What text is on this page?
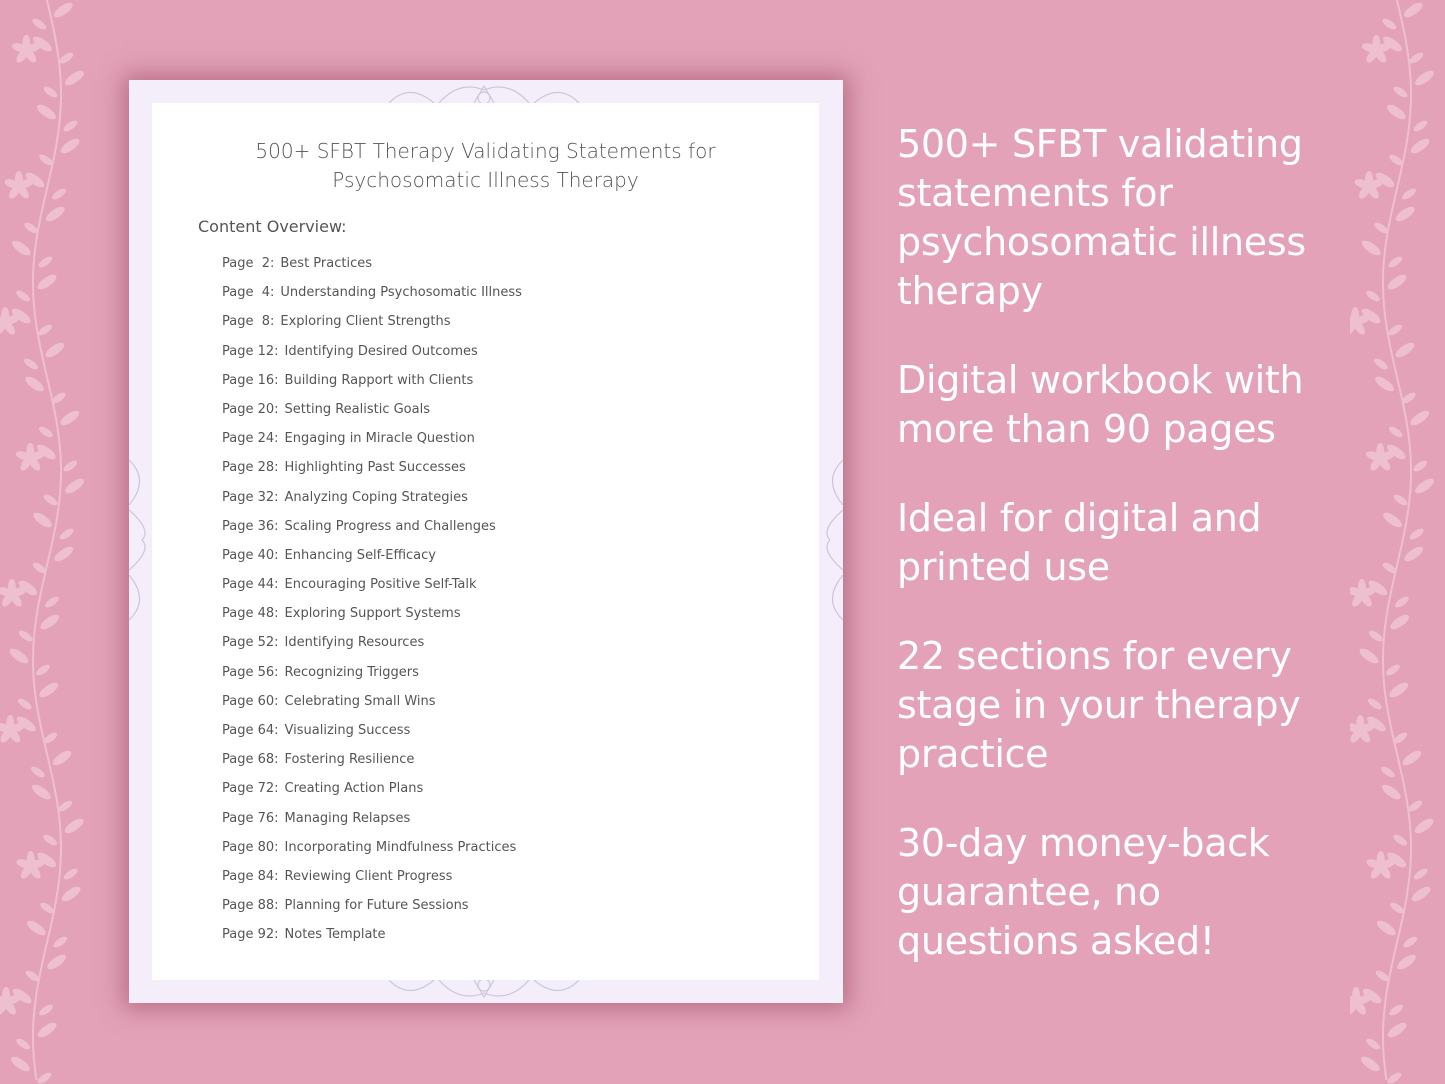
500+ SFBT Therapy Validating Statements for
Psychosomatic Illness Therapy
Content Overview:
Page  2: Best Practices
Page  4: Understanding Psychosomatic Illness
Page  8: Exploring Client Strengths
Page 12: Identifying Desired Outcomes
Page 16: Building Rapport with Clients
Page 20: Setting Realistic Goals
Page 24: Engaging in Miracle Question
Page 28: Highlighting Past Successes
Page 32: Analyzing Coping Strategies
Page 36: Scaling Progress and Challenges
Page 40: Enhancing Self-Efficacy
Page 44: Encouraging Positive Self-Talk
Page 48: Exploring Support Systems
Page 52: Identifying Resources
Page 56: Recognizing Triggers
Page 60: Celebrating Small Wins
Page 64: Visualizing Success
Page 68: Fostering Resilience
Page 72: Creating Action Plans
Page 76: Managing Relapses
Page 80: Incorporating Mindfulness Practices
Page 84: Reviewing Client Progress
Page 88: Planning for Future Sessions
Page 92: Notes Template

500+ SFBT validating statements for psychosomatic illness therapy

Digital workbook with more than 90 pages

Ideal for digital and printed use

22 sections for every stage in your therapy practice

30-day money-back guarantee, no questions asked!
